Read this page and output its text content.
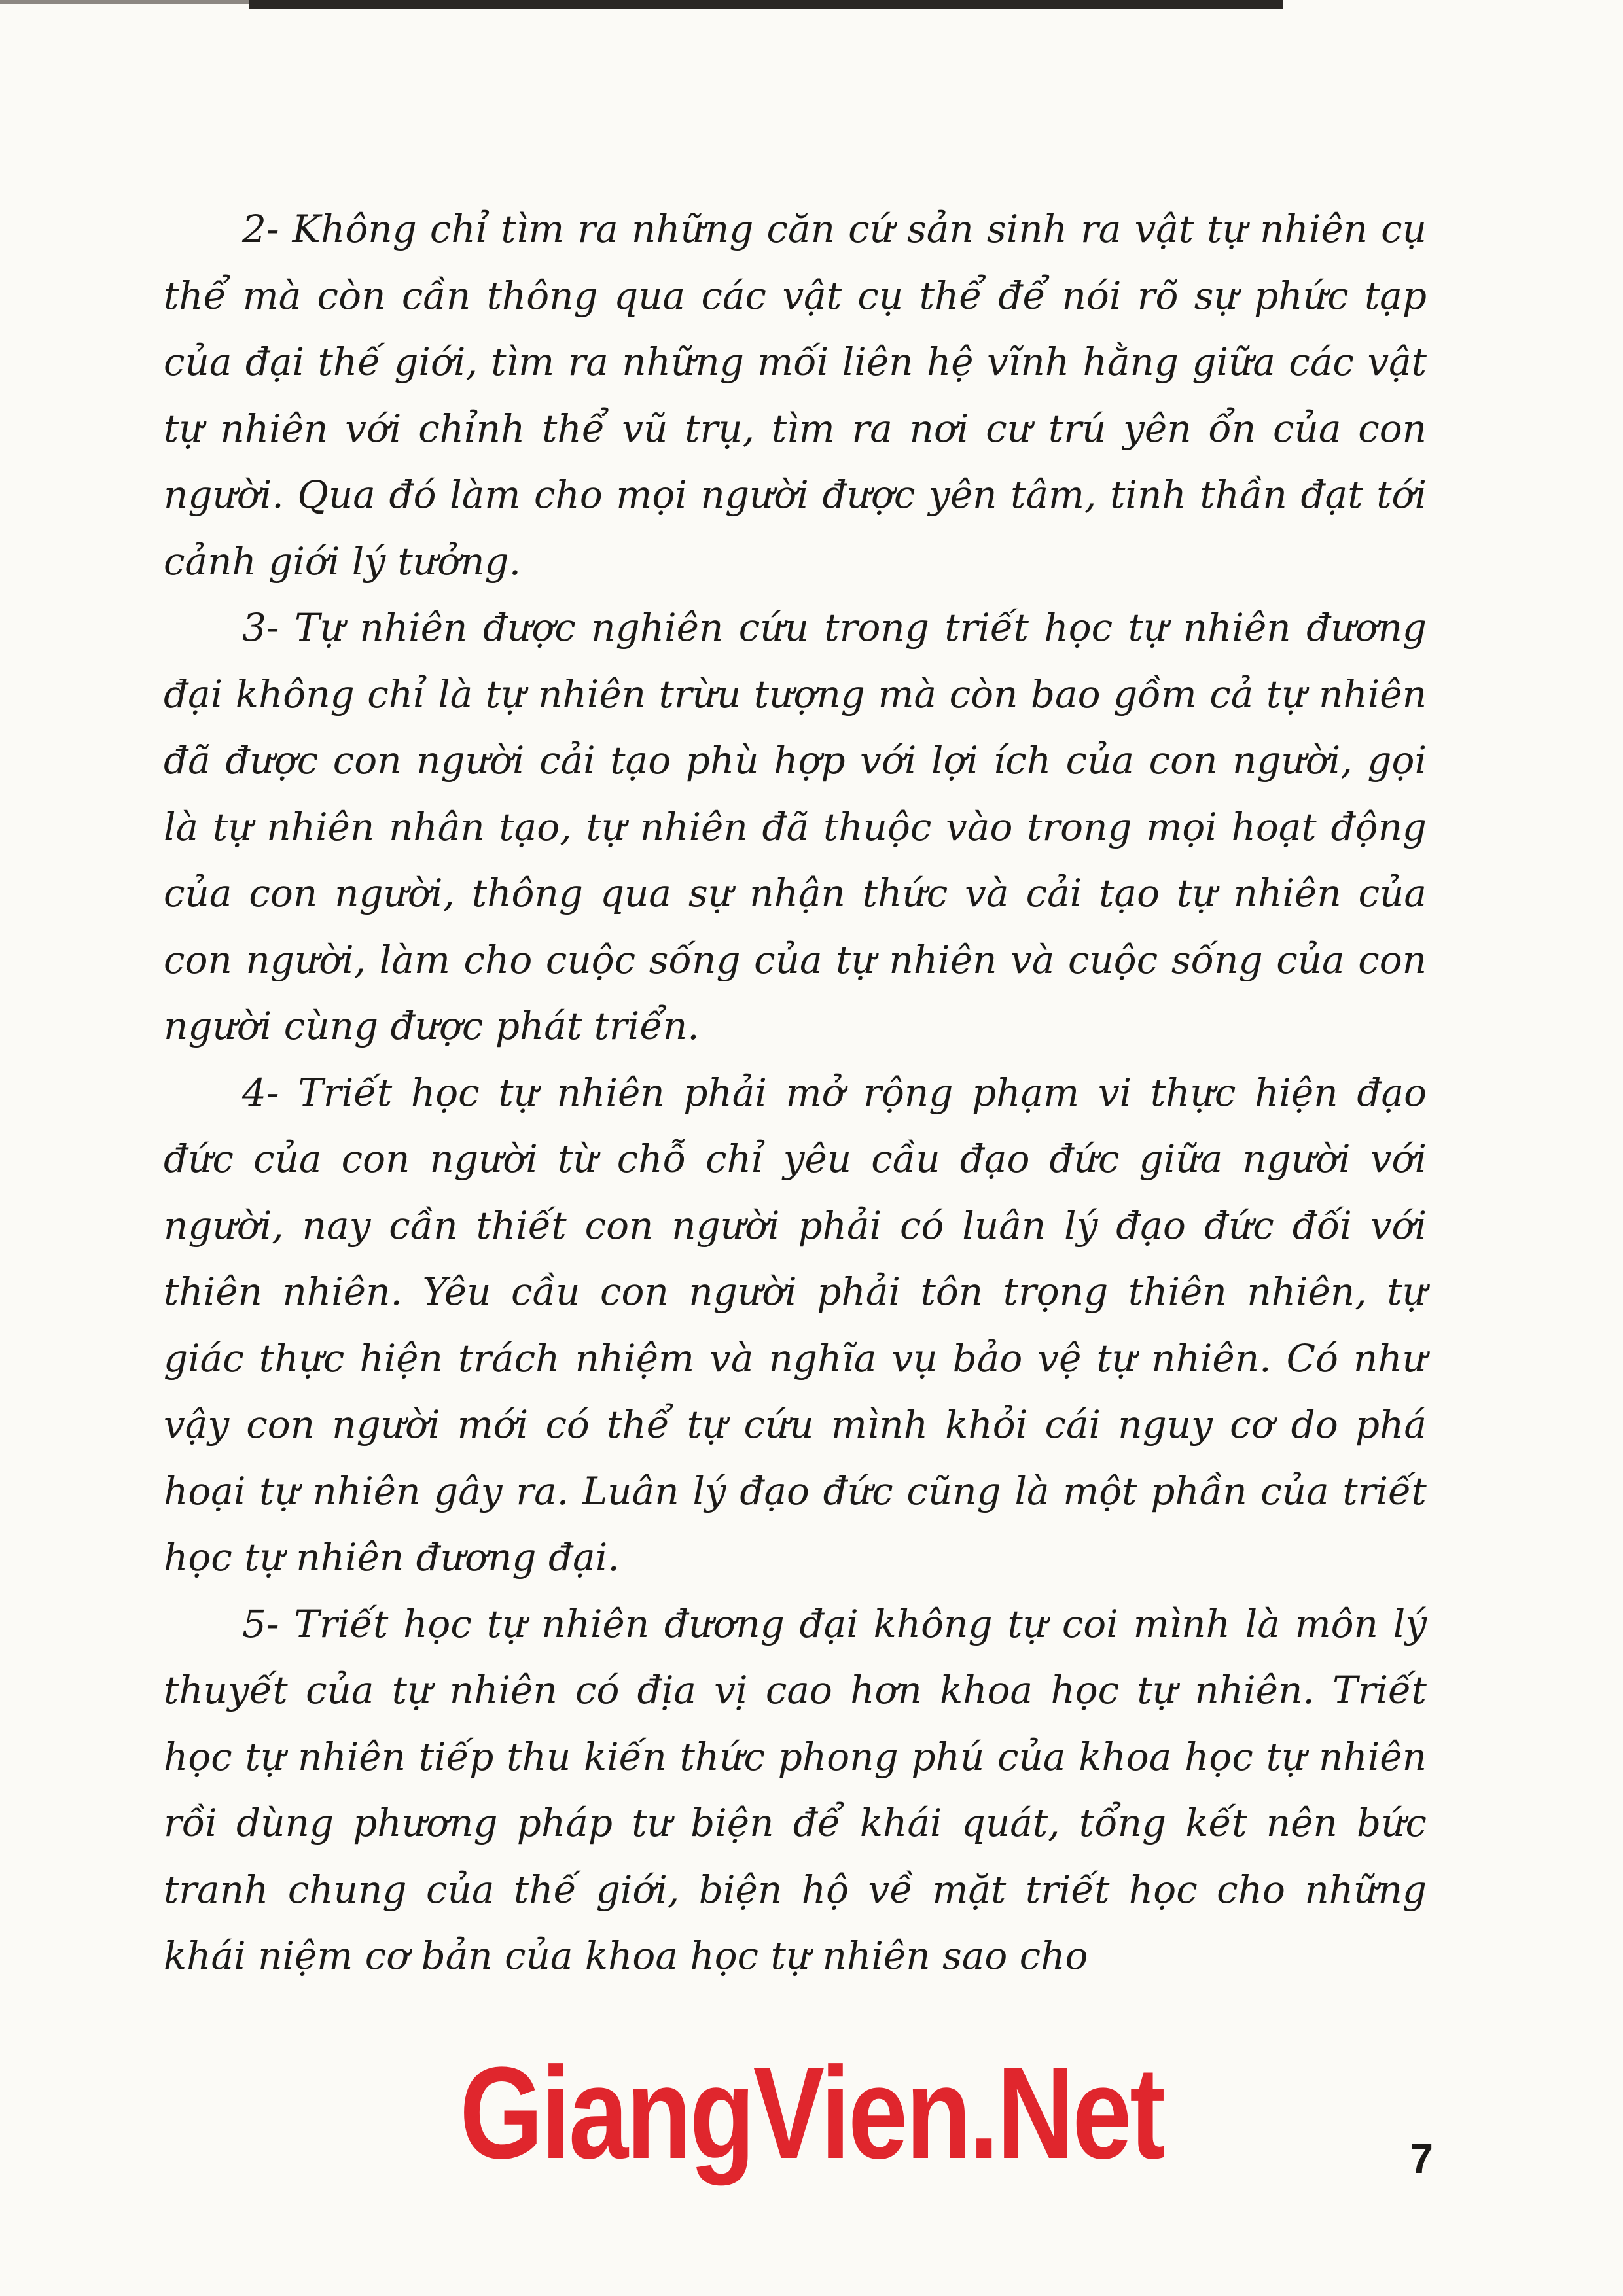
2- Không chỉ tìm ra những căn cứ sản sinh ra vật tự nhiên cụ thể mà còn cần thông qua các vật cụ thể để nói rõ sự phức tạp của đại thế giới, tìm ra những mối liên hệ vĩnh hằng giữa các vật tự nhiên với chỉnh thể vũ trụ, tìm ra nơi cư trú yên ổn của con người. Qua đó làm cho mọi người được yên tâm, tinh thần đạt tới cảnh giới lý tưởng.

3- Tự nhiên được nghiên cứu trong triết học tự nhiên đương đại không chỉ là tự nhiên trừu tượng mà còn bao gồm cả tự nhiên đã được con người cải tạo phù hợp với lợi ích của con người, gọi là tự nhiên nhân tạo, tự nhiên đã thuộc vào trong mọi hoạt động của con người, thông qua sự nhận thức và cải tạo tự nhiên của con người, làm cho cuộc sống của tự nhiên và cuộc sống của con người cùng được phát triển.

4- Triết học tự nhiên phải mở rộng phạm vi thực hiện đạo đức của con người từ chỗ chỉ yêu cầu đạo đức giữa người với người, nay cần thiết con người phải có luân lý đạo đức đối với thiên nhiên. Yêu cầu con người phải tôn trọng thiên nhiên, tự giác thực hiện trách nhiệm và nghĩa vụ bảo vệ tự nhiên. Có như vậy con người mới có thể tự cứu mình khỏi cái nguy cơ do phá hoại tự nhiên gây ra. Luân lý đạo đức cũng là một phần của triết học tự nhiên đương đại.

5- Triết học tự nhiên đương đại không tự coi mình là môn lý thuyết của tự nhiên có địa vị cao hơn khoa học tự nhiên. Triết học tự nhiên tiếp thu kiến thức phong phú của khoa học tự nhiên rồi dùng phương pháp tư biện để khái quát, tổng kết nên bức tranh chung của thế giới, biện hộ về mặt triết học cho những khái niệm cơ bản của khoa học tự nhiên sao cho

GiangVien.Net	7
